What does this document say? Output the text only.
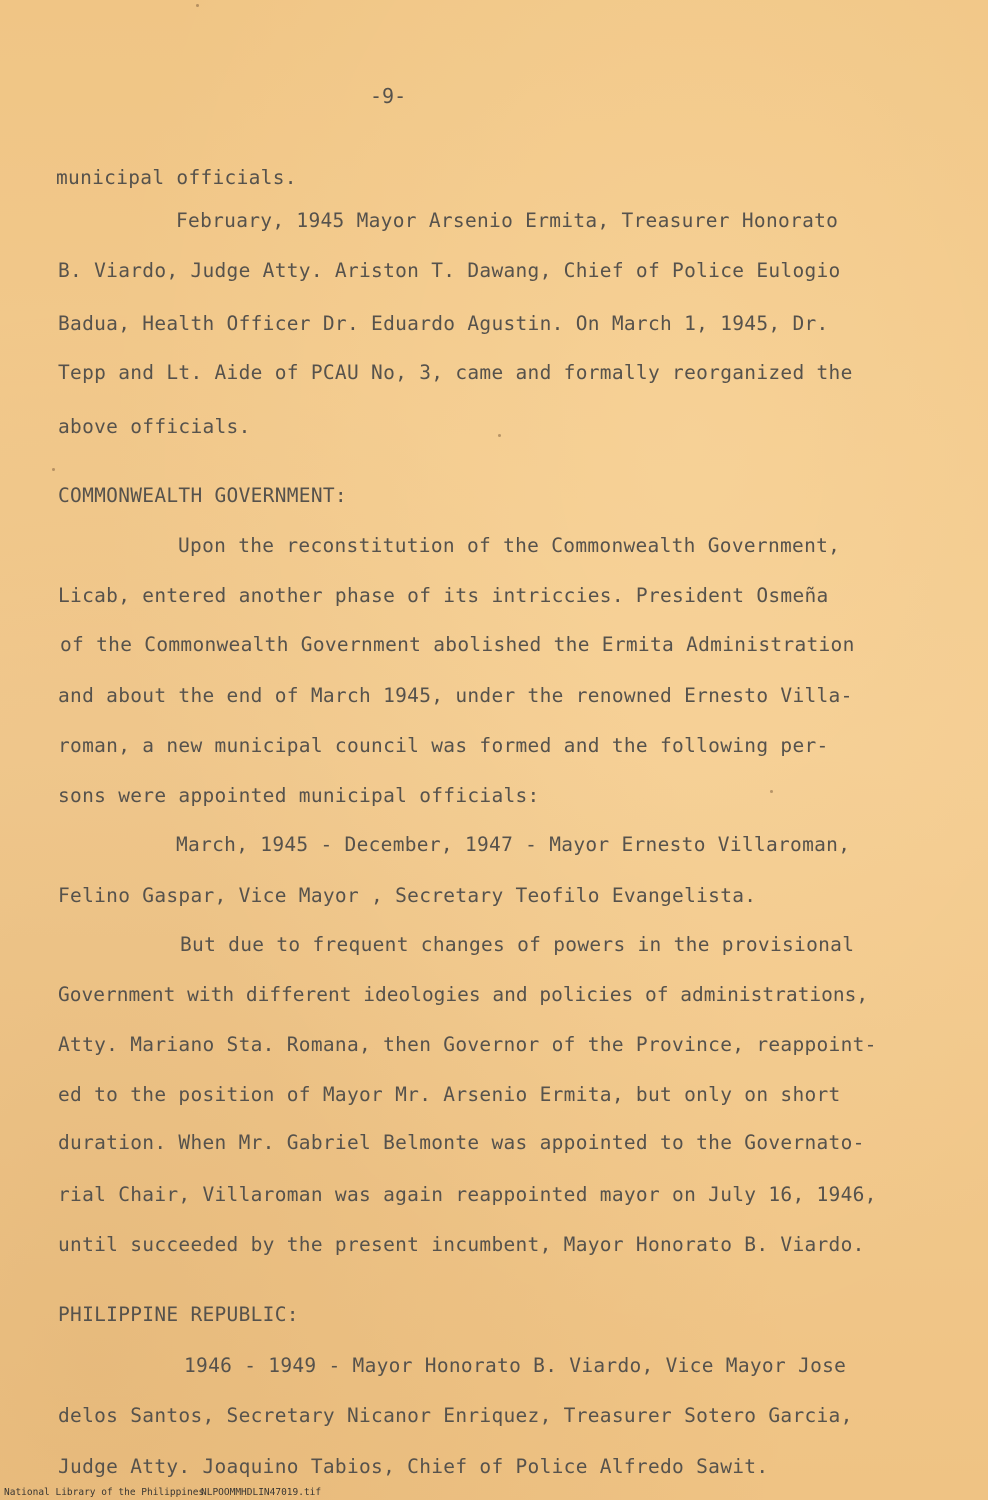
-9-
municipal officials.
February, 1945 Mayor Arsenio Ermita, Treasurer Honorato
B. Viardo, Judge Atty. Ariston T. Dawang, Chief of Police Eulogio
Badua, Health Officer Dr. Eduardo Agustin. On March 1, 1945, Dr.
Tepp and Lt. Aide of PCAU No, 3, came and formally reorganized the
above officials.
COMMONWEALTH GOVERNMENT:
Upon the reconstitution of the Commonwealth Government,
Licab, entered another phase of its intriccies. President Osmeña
of the Commonwealth Government abolished the Ermita Administration
and about the end of March 1945, under the renowned Ernesto Villa-
roman, a new municipal council was formed and the following per-
sons were appointed municipal officials:
March, 1945 - December, 1947 - Mayor Ernesto Villaroman,
Felino Gaspar, Vice Mayor , Secretary Teofilo Evangelista.
But due to frequent changes of powers in the provisional
Government with different ideologies and policies of administrations,
Atty. Mariano Sta. Romana, then Governor of the Province, reappoint-
ed to the position of Mayor Mr. Arsenio Ermita, but only on short
duration. When Mr. Gabriel Belmonte was appointed to the Governato-
rial Chair, Villaroman was again reappointed mayor on July 16, 1946,
until succeeded by the present incumbent, Mayor Honorato B. Viardo.
PHILIPPINE REPUBLIC:
1946 - 1949 - Mayor Honorato B. Viardo, Vice Mayor Jose
delos Santos, Secretary Nicanor Enriquez, Treasurer Sotero Garcia,
Judge Atty. Joaquino Tabios, Chief of Police Alfredo Sawit.
National Library of the Philippines
NLPOOMMHDLIN47019.tif
